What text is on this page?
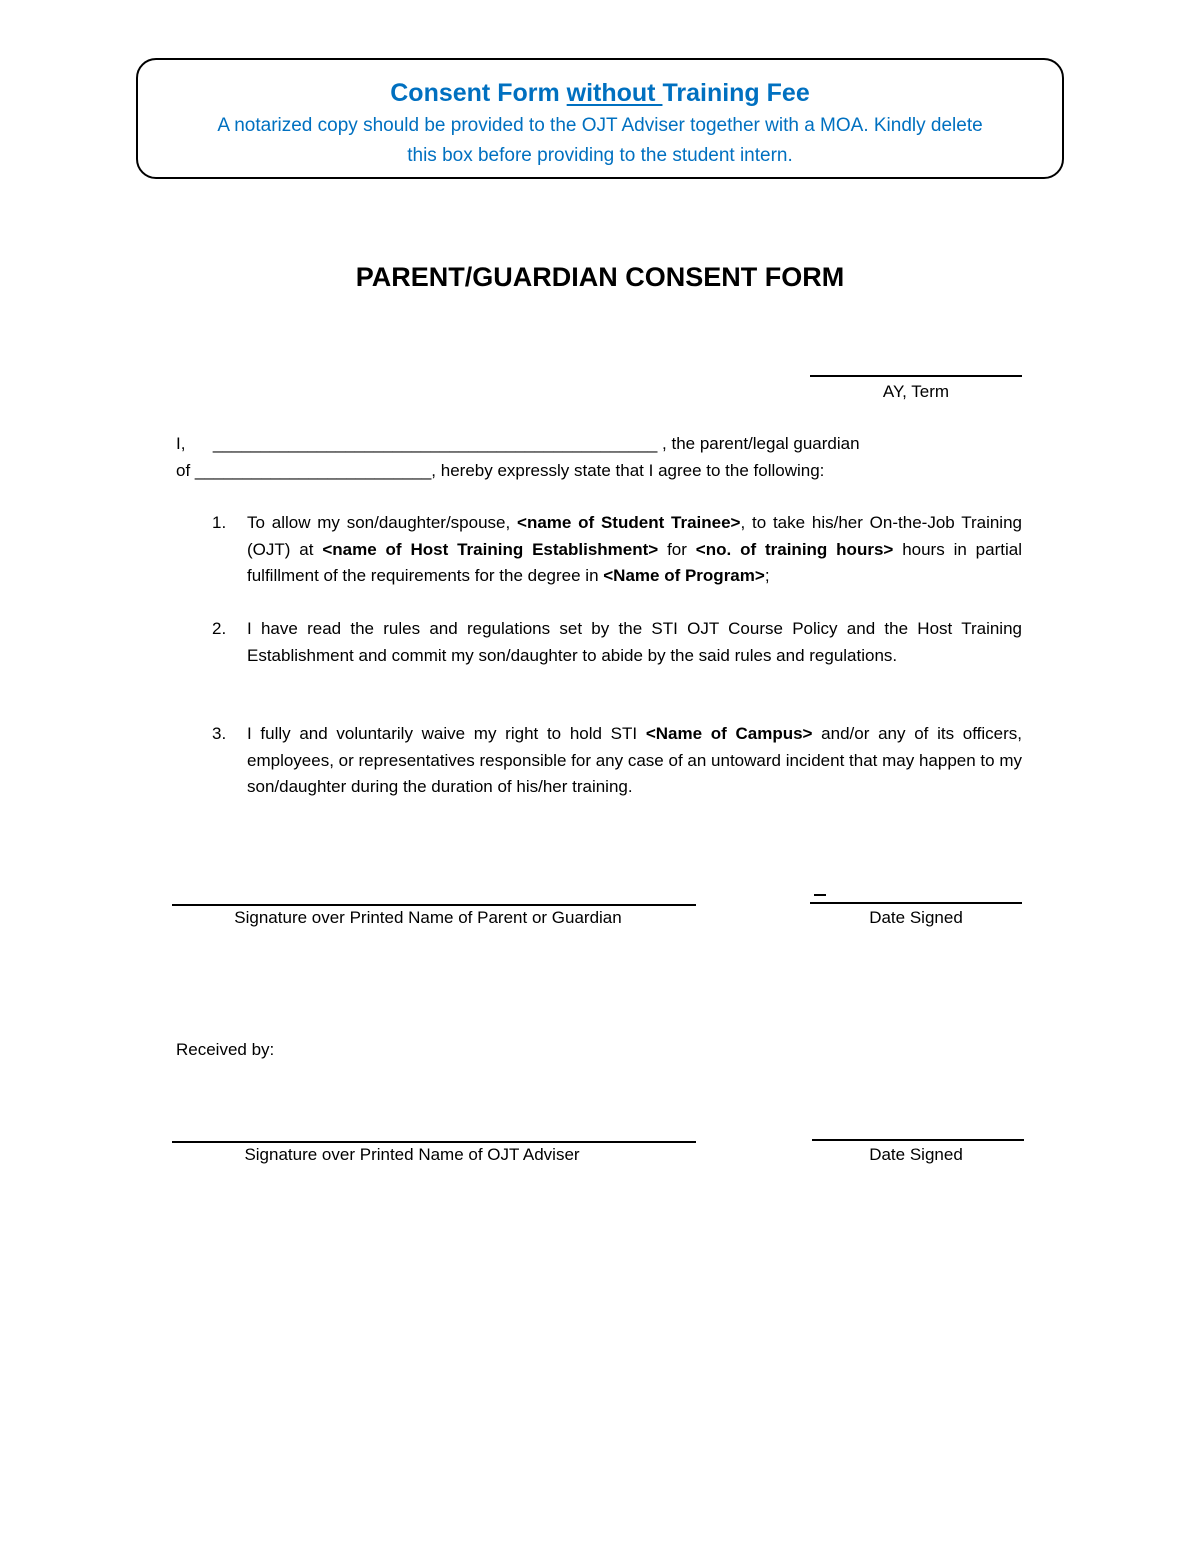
Consent Form without Training Fee
A notarized copy should be provided to the OJT Adviser together with a MOA. Kindly delete
this box before providing to the student intern.
PARENT/GUARDIAN CONSENT FORM
AY, Term
I, _______________________________________________ , the parent/legal guardian
of _________________________, hereby expressly state that I agree to the following:
1. To allow my son/daughter/spouse, <name of Student Trainee>, to take his/her On-the-Job Training (OJT) at <name of Host Training Establishment> for <no. of training hours> hours in partial fulfillment of the requirements for the degree in <Name of Program>;
2. I have read the rules and regulations set by the STI OJT Course Policy and the Host Training Establishment and commit my son/daughter to abide by the said rules and regulations.
3. I fully and voluntarily waive my right to hold STI <Name of Campus> and/or any of its officers, employees, or representatives responsible for any case of an untoward incident that may happen to my son/daughter during the duration of his/her training.
Signature over Printed Name of Parent or Guardian	Date Signed
Received by:
Signature over Printed Name of OJT Adviser	Date Signed
